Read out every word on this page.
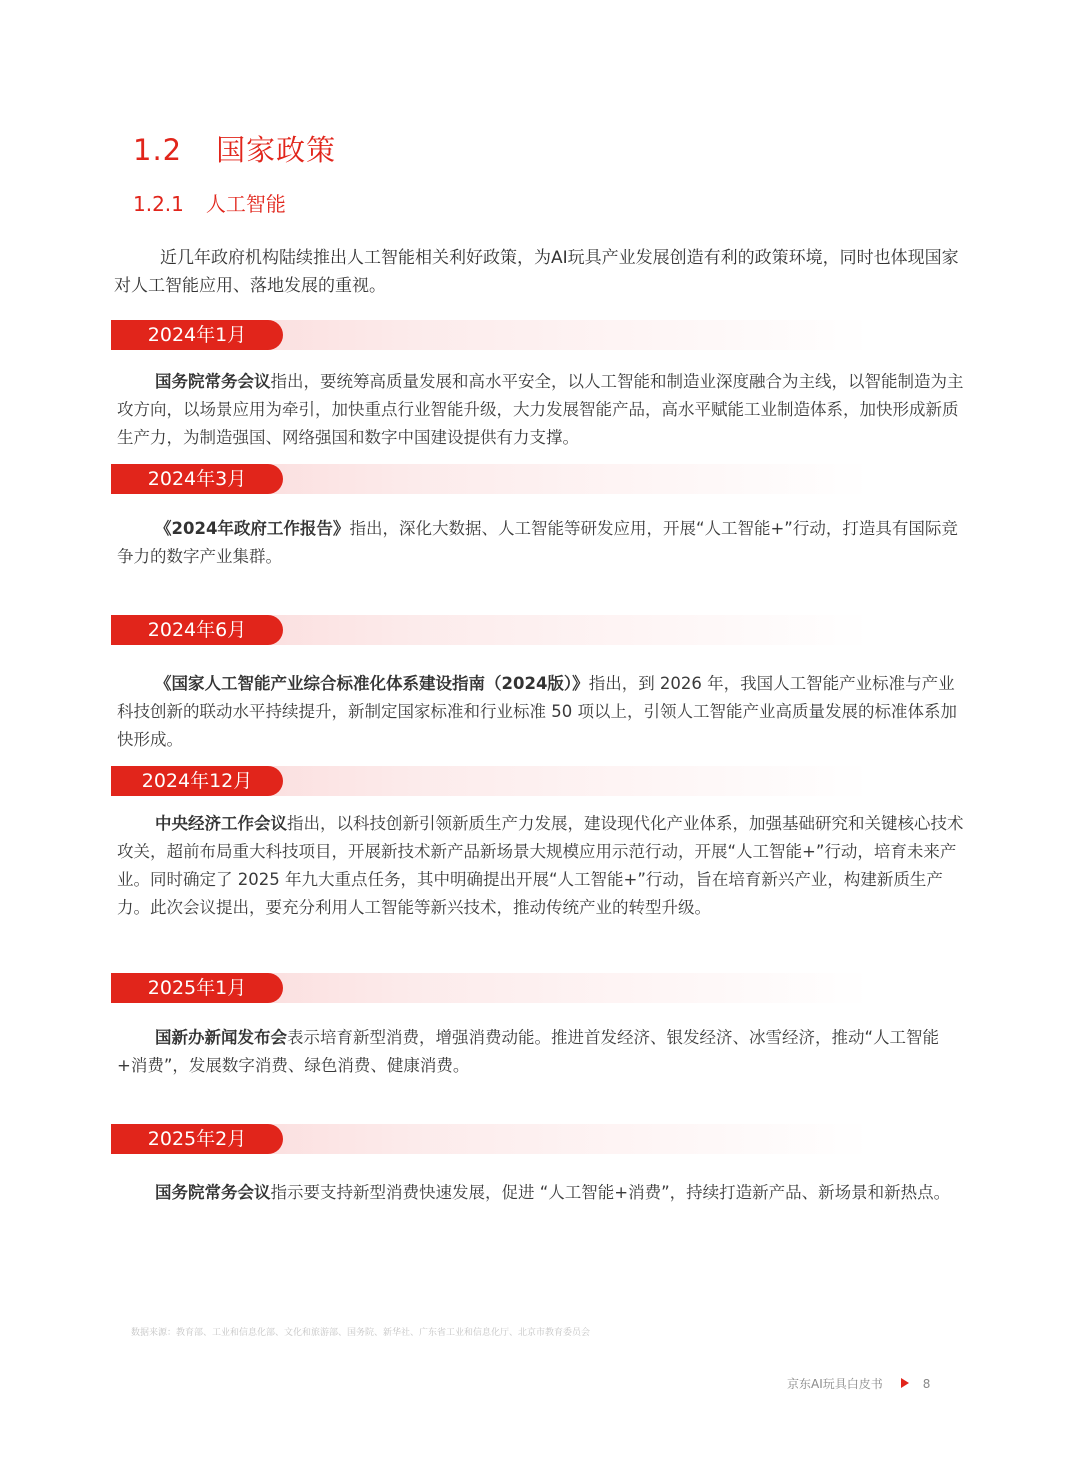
1.2 国家政策
1.2.1 人工智能

近几年政府机构陆续推出人工智能相关利好政策，为AI玩具产业发展创造有利的政策环境，同时也体现国家对人工智能应用、落地发展的重视。

2024年1月

国务院常务会议指出，要统筹高质量发展和高水平安全，以人工智能和制造业深度融合为主线，以智能制造为主攻方向，以场景应用为牵引，加快重点行业智能升级，大力发展智能产品，高水平赋能工业制造体系，加快形成新质生产力，为制造强国、网络强国和数字中国建设提供有力支撑。

2024年3月

《2024年政府工作报告》指出，深化大数据、人工智能等研发应用，开展“人工智能+”行动，打造具有国际竞争力的数字产业集群。

2024年6月

《国家人工智能产业综合标准化体系建设指南（2024版）》指出，到 2026 年，我国人工智能产业标准与产业科技创新的联动水平持续提升，新制定国家标准和行业标准 50 项以上，引领人工智能产业高质量发展的标准体系加快形成。

2024年12月

中央经济工作会议指出，以科技创新引领新质生产力发展，建设现代化产业体系，加强基础研究和关键核心技术攻关，超前布局重大科技项目，开展新技术新产品新场景大规模应用示范行动，开展“人工智能+”行动，培育未来产业。同时确定了 2025 年九大重点任务，其中明确提出开展“人工智能+”行动，旨在培育新兴产业，构建新质生产力。此次会议提出，要充分利用人工智能等新兴技术，推动传统产业的转型升级。

2025年1月

国新办新闻发布会表示培育新型消费，增强消费动能。推进首发经济、银发经济、冰雪经济，推动“人工智能+消费”，发展数字消费、绿色消费、健康消费。

2025年2月

国务院常务会议指示要支持新型消费快速发展，促进 “人工智能+消费”，持续打造新产品、新场景和新热点。

数据来源：教育部、工业和信息化部、文化和旅游部、国务院、新华社、广东省工业和信息化厅、北京市教育委员会

京东AI玩具白皮书	8
